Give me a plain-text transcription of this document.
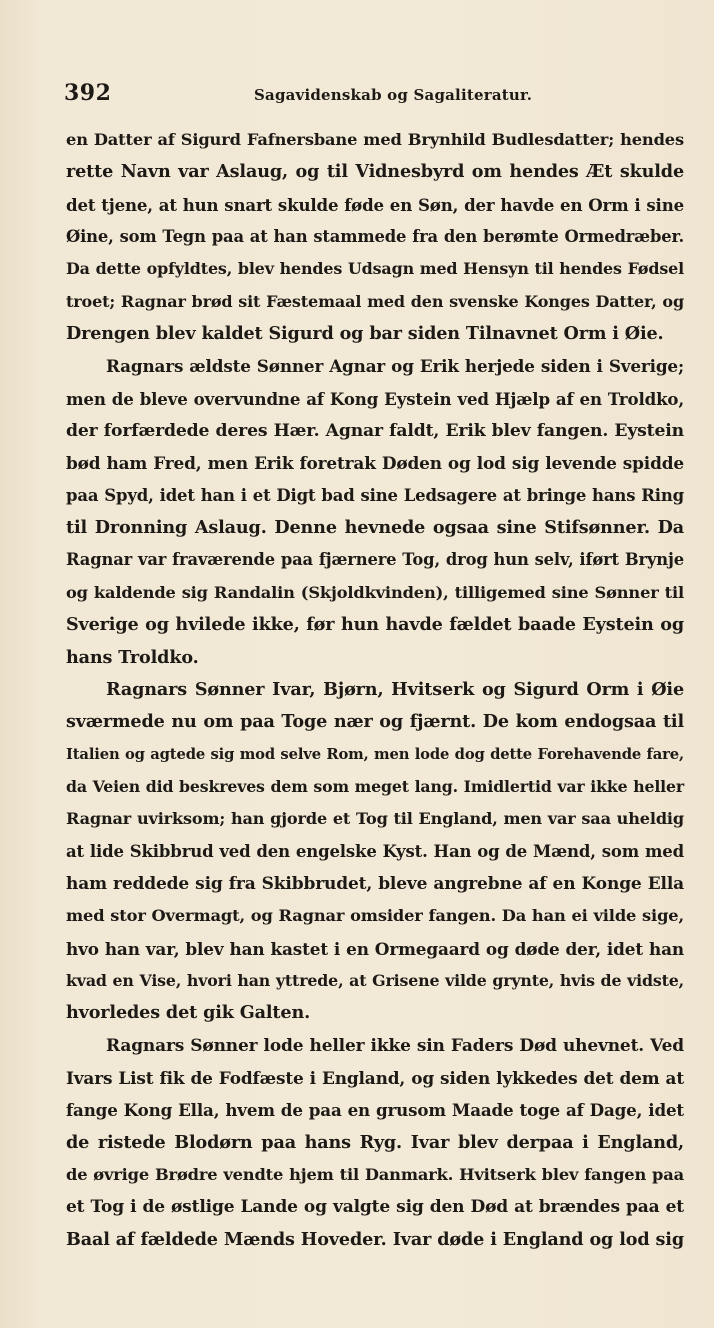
392	Sagavidenskab og Sagaliteratur.
en Datter af Sigurd Fafnersbane med Brynhild Budlesdatter; hendes
rette Navn var Aslaug, og til Vidnesbyrd om hendes Æt skulde
det tjene, at hun snart skulde føde en Søn, der havde en Orm i sine
Øine, som Tegn paa at han stammede fra den berømte Ormedræber.
Da dette opfyldtes, blev hendes Udsagn med Hensyn til hendes Fødsel
troet; Ragnar brød sit Fæstemaal med den svenske Konges Datter, og
Drengen blev kaldet Sigurd og bar siden Tilnavnet Orm i Øie.
Ragnars ældste Sønner Agnar og Erik herjede siden i Sverige;
men de bleve overvundne af Kong Eystein ved Hjælp af en Troldko,
der forfærdede deres Hær. Agnar faldt, Erik blev fangen. Eystein
bød ham Fred, men Erik foretrak Døden og lod sig levende spidde
paa Spyd, idet han i et Digt bad sine Ledsagere at bringe hans Ring
til Dronning Aslaug. Denne hevnede ogsaa sine Stifsønner. Da
Ragnar var fraværende paa fjærnere Tog, drog hun selv, iført Brynje
og kaldende sig Randalin (Skjoldkvinden), tilligemed sine Sønner til
Sverige og hvilede ikke, før hun havde fældet baade Eystein og
hans Troldko.
Ragnars Sønner Ivar, Bjørn, Hvitserk og Sigurd Orm i Øie
sværmede nu om paa Toge nær og fjærnt. De kom endogsaa til
Italien og agtede sig mod selve Rom, men lode dog dette Forehavende fare,
da Veien did beskreves dem som meget lang. Imidlertid var ikke heller
Ragnar uvirksom; han gjorde et Tog til England, men var saa uheldig
at lide Skibbrud ved den engelske Kyst. Han og de Mænd, som med
ham reddede sig fra Skibbrudet, bleve angrebne af en Konge Ella
med stor Overmagt, og Ragnar omsider fangen. Da han ei vilde sige,
hvo han var, blev han kastet i en Ormegaard og døde der, idet han
kvad en Vise, hvori han yttrede, at Grisene vilde grynte, hvis de vidste,
hvorledes det gik Galten.
Ragnars Sønner lode heller ikke sin Faders Død uhevnet. Ved
Ivars List fik de Fodfæste i England, og siden lykkedes det dem at
fange Kong Ella, hvem de paa en grusom Maade toge af Dage, idet
de ristede Blodørn paa hans Ryg. Ivar blev derpaa i England,
de øvrige Brødre vendte hjem til Danmark. Hvitserk blev fangen paa
et Tog i de østlige Lande og valgte sig den Død at brændes paa et
Baal af fældede Mænds Hoveder. Ivar døde i England og lod sig
